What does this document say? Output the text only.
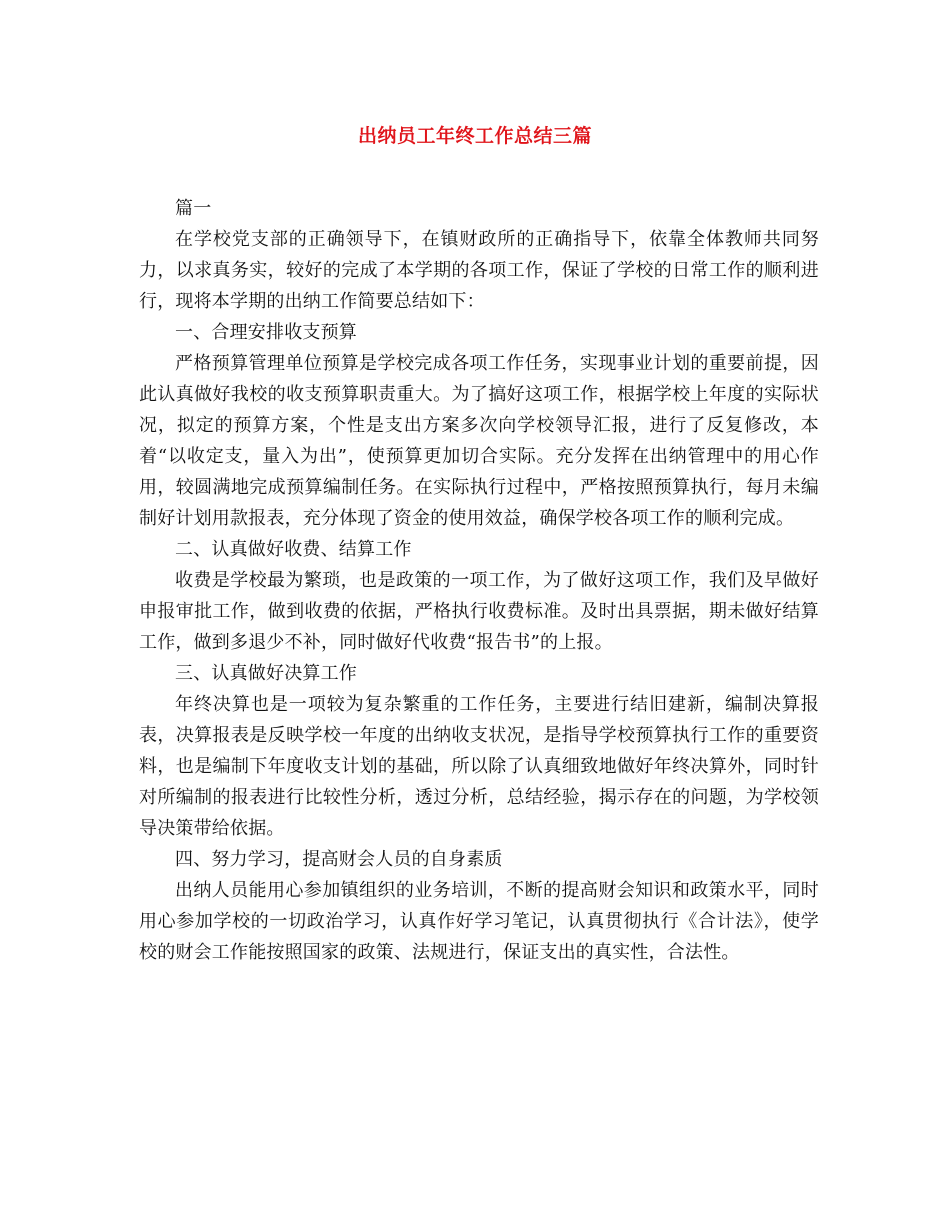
出纳员工年终工作总结三篇

篇一

在学校党支部的正确领导下，在镇财政所的正确指导下，依靠全体教师共同努力，以求真务实，较好的完成了本学期的各项工作，保证了学校的日常工作的顺利进行，现将本学期的出纳工作简要总结如下：

一、合理安排收支预算

严格预算管理单位预算是学校完成各项工作任务，实现事业计划的重要前提，因此认真做好我校的收支预算职责重大。为了搞好这项工作，根据学校上年度的实际状况，拟定的预算方案，个性是支出方案多次向学校领导汇报，进行了反复修改，本着“以收定支，量入为出”，使预算更加切合实际。充分发挥在出纳管理中的用心作用，较圆满地完成预算编制任务。在实际执行过程中，严格按照预算执行，每月未编制好计划用款报表，充分体现了资金的使用效益，确保学校各项工作的顺利完成。

二、认真做好收费、结算工作

收费是学校最为繁琐，也是政策的一项工作，为了做好这项工作，我们及早做好申报审批工作，做到收费的依据，严格执行收费标准。及时出具票据，期未做好结算工作，做到多退少不补，同时做好代收费“报告书”的上报。

三、认真做好决算工作

年终决算也是一项较为复杂繁重的工作任务，主要进行结旧建新，编制决算报表，决算报表是反映学校一年度的出纳收支状况，是指导学校预算执行工作的重要资料，也是编制下年度收支计划的基础，所以除了认真细致地做好年终决算外，同时针对所编制的报表进行比较性分析，透过分析，总结经验，揭示存在的问题，为学校领导决策带给依据。

四、努力学习，提高财会人员的自身素质

出纳人员能用心参加镇组织的业务培训，不断的提高财会知识和政策水平，同时用心参加学校的一切政治学习，认真作好学习笔记，认真贯彻执行《合计法》，使学校的财会工作能按照国家的政策、法规进行，保证支出的真实性，合法性。
